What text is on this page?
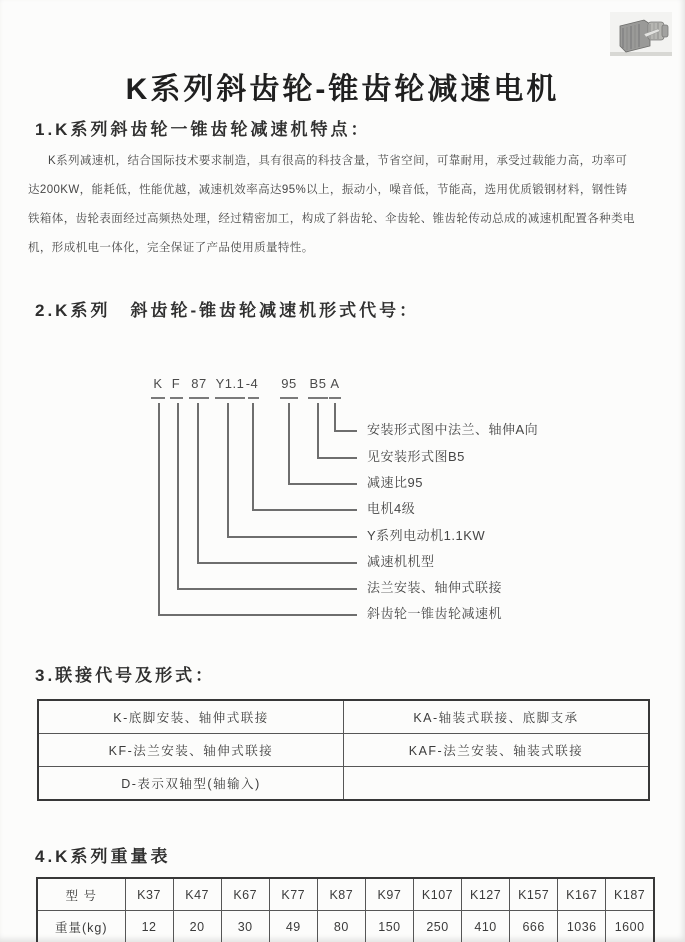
K系列斜齿轮-锥齿轮减速电机
1.K系列斜齿轮一锥齿轮减速机特点：
K系列减速机，结合国际技术要求制造，具有很高的科技含量，节省空间，可靠耐用，承受过载能力高，功率可
达200KW，能耗低，性能优越，减速机效率高达95%以上，振动小，噪音低，节能高，选用优质锻钢材料，钢性铸
铁箱体，齿轮表面经过高频热处理，经过精密加工，构成了斜齿轮、伞齿轮、锥齿轮传动总成的减速机配置各种类电
机，形成机电一体化，完全保证了产品使用质量特性。
2.K系列　斜齿轮-锥齿轮减速机形式代号：
K F 87 Y1.1 -4 95 B5 A
安装形式图中法兰、轴伸A向
见安装形式图B5
减速比95
电机4级
Y系列电动机1.1KW
减速机机型
法兰安装、轴伸式联接
斜齿轮一锥齿轮减速机
3.联接代号及形式：
K-底脚安装、轴伸式联接	KA-轴装式联接、底脚支承
KF-法兰安装、轴伸式联接	KAF-法兰安装、轴装式联接
D-表示双轴型(轴输入)	
4.K系列重量表
型 号	K37	K47	K67	K77	K87	K97	K107	K127	K157	K167	K187
重量(kg)	12	20	30	49	80	150	250	410	666	1036	1600
